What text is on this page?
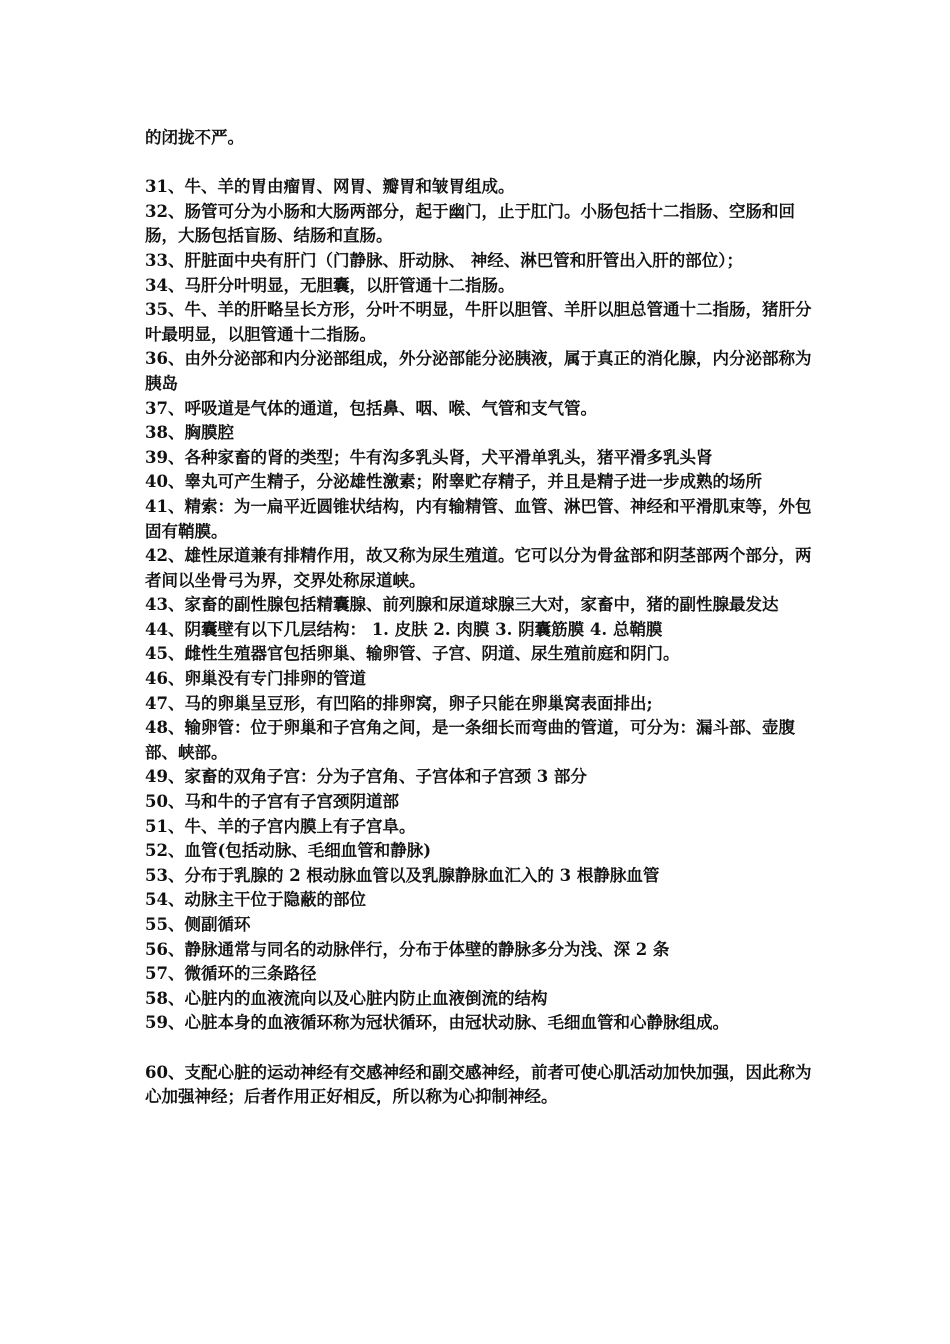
的闭拢不严。

31、牛、羊的胃由瘤胃、网胃、瓣胃和皱胃组成。

32、肠管可分为小肠和大肠两部分，起于幽门，止于肛门。小肠包括十二指肠、空肠和回肠，大肠包括盲肠、结肠和直肠。

33、肝脏面中央有肝门（门静脉、肝动脉、 神经、淋巴管和肝管出入肝的部位）；

34、马肝分叶明显，无胆囊，以肝管通十二指肠。

35、牛、羊的肝略呈长方形，分叶不明显，牛肝以胆管、羊肝以胆总管通十二指肠，猪肝分叶最明显，以胆管通十二指肠。

36、由外分泌部和内分泌部组成，外分泌部能分泌胰液，属于真正的消化腺，内分泌部称为胰岛

37、呼吸道是气体的通道，包括鼻、咽、喉、气管和支气管。

38、胸膜腔

39、各种家畜的肾的类型；牛有沟多乳头肾，犬平滑单乳头，猪平滑多乳头肾

40、睾丸可产生精子，分泌雄性激素；附睾贮存精子，并且是精子进一步成熟的场所

41、精索：为一扁平近圆锥状结构，内有输精管、血管、淋巴管、神经和平滑肌束等，外包固有鞘膜。

42、雄性尿道兼有排精作用，故又称为尿生殖道。它可以分为骨盆部和阴茎部两个部分，两者间以坐骨弓为界，交界处称尿道峡。

43、家畜的副性腺包括精囊腺、前列腺和尿道球腺三大对，家畜中，猪的副性腺最发达

44、阴囊壁有以下几层结构： 1. 皮肤 2. 肉膜 3. 阴囊筋膜 4. 总鞘膜

45、雌性生殖器官包括卵巢、输卵管、子宫、阴道、尿生殖前庭和阴门。

46、卵巢没有专门排卵的管道

47、马的卵巢呈豆形，有凹陷的排卵窝，卵子只能在卵巢窝表面排出;

48、输卵管：位于卵巢和子宫角之间，是一条细长而弯曲的管道，可分为：漏斗部、壶腹部、峡部。

49、家畜的双角子宫：分为子宫角、子宫体和子宫颈 3 部分

50、马和牛的子宫有子宫颈阴道部

51、牛、羊的子宫内膜上有子宫阜。

52、血管(包括动脉、毛细血管和静脉)

53、分布于乳腺的 2 根动脉血管以及乳腺静脉血汇入的 3 根静脉血管

54、动脉主干位于隐蔽的部位

55、侧副循环

56、静脉通常与同名的动脉伴行，分布于体壁的静脉多分为浅、深 2 条

57、微循环的三条路径

58、心脏内的血液流向以及心脏内防止血液倒流的结构

59、心脏本身的血液循环称为冠状循环，由冠状动脉、毛细血管和心静脉组成。

60、支配心脏的运动神经有交感神经和副交感神经，前者可使心肌活动加快加强，因此称为心加强神经；后者作用正好相反，所以称为心抑制神经。
